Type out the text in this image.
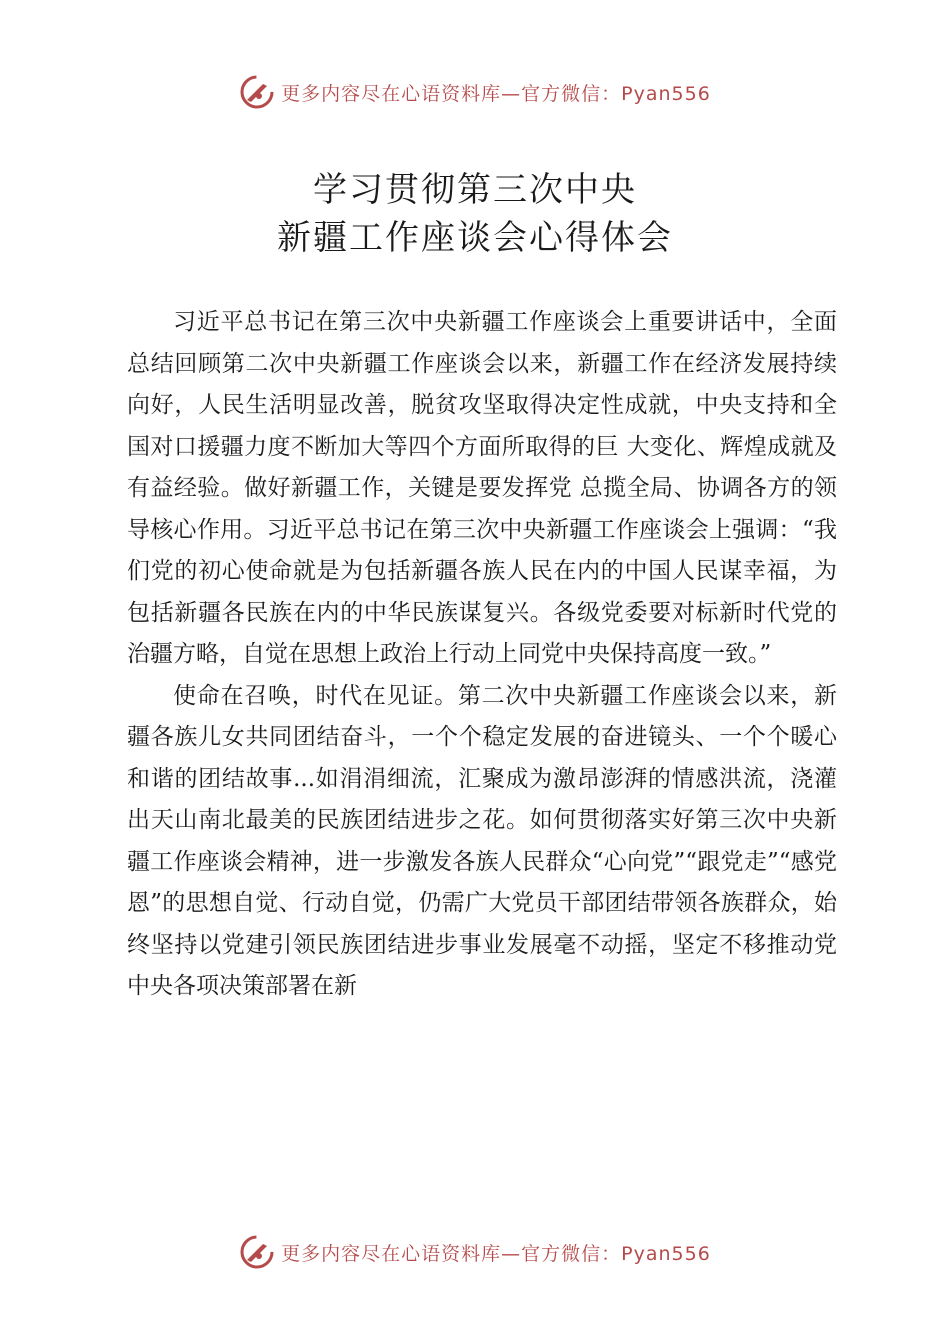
更多内容尽在心语资料库—官方微信：Pyan556
学习贯彻第三次中央
新疆工作座谈会心得体会

习近平总书记在第三次中央新疆工作座谈会上重要讲话中，全面总结回顾第二次中央新疆工作座谈会以来，新疆工作在经济发展持续向好，人民生活明显改善，脱贫攻坚取得决定性成就，中央支持和全国对口援疆力度不断加大等四个方面所取得的巨 大变化、辉煌成就及有益经验。做好新疆工作，关键是要发挥党 总揽全局、协调各方的领导核心作用。习近平总书记在第三次中央新疆工作座谈会上强调：“我们党的初心使命就是为包括新疆各族人民在内的中国人民谋幸福，为包括新疆各民族在内的中华民族谋复兴。各级党委要对标新时代党的治疆方略，自觉在思想上政治上行动上同党中央保持高度一致。”

使命在召唤，时代在见证。第二次中央新疆工作座谈会以来，新疆各族儿女共同团结奋斗，一个个稳定发展的奋进镜头、一个个暖心和谐的团结故事...如涓涓细流，汇聚成为激昂澎湃的情感洪流，浇灌出天山南北最美的民族团结进步之花。如何贯彻落实好第三次中央新疆工作座谈会精神，进一步激发各族人民群众“心向党”“跟党走”“感党恩”的思想自觉、行动自觉，仍需广大党员干部团结带领各族群众，始终坚持以党建引领民族团结进步事业发展毫不动摇，坚定不移推动党中央各项决策部署在新

更多内容尽在心语资料库—官方微信：Pyan556
